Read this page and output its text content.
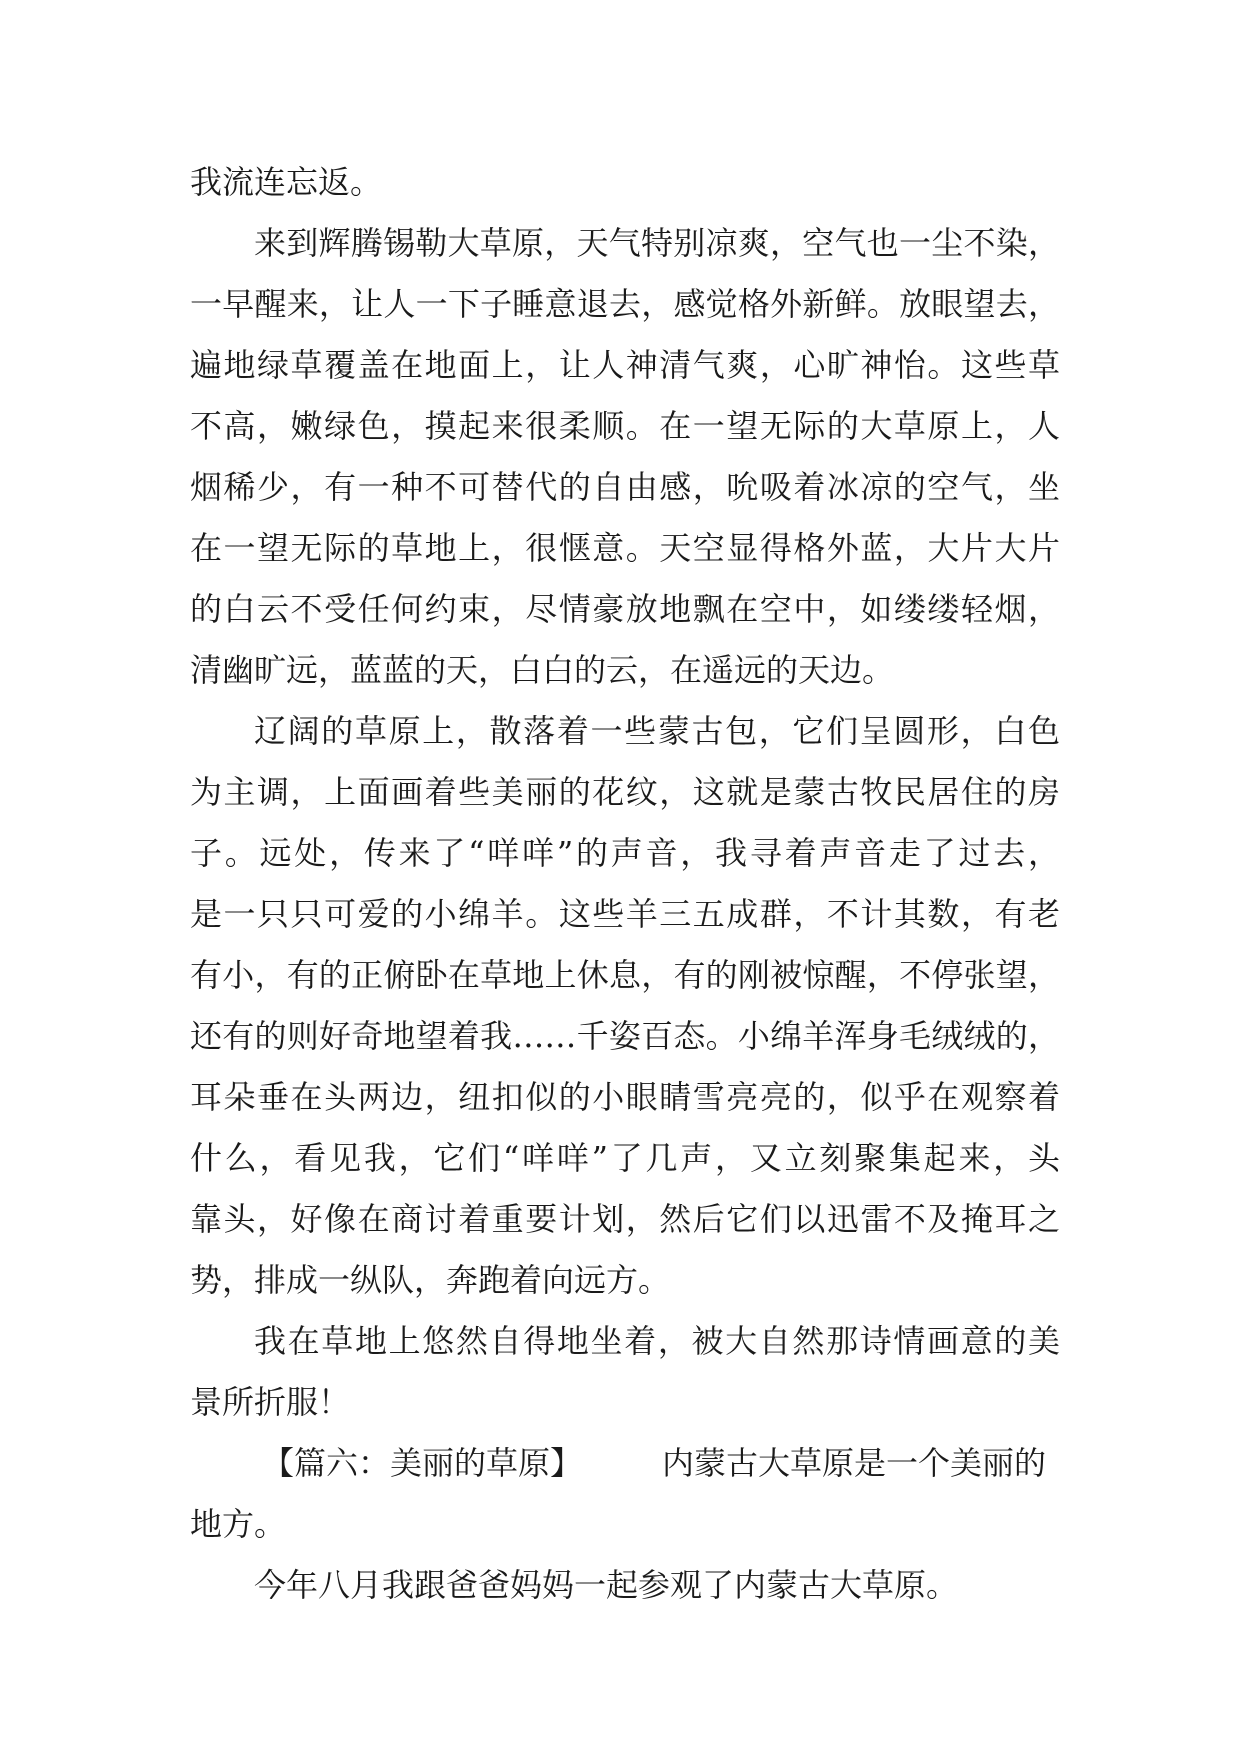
我流连忘返。
来到辉腾锡勒大草原，天气特别凉爽，空气也一尘不染，
一早醒来，让人一下子睡意退去，感觉格外新鲜。放眼望去，
遍地绿草覆盖在地面上，让人神清气爽，心旷神怡。这些草
不高，嫩绿色，摸起来很柔顺。在一望无际的大草原上，人
烟稀少，有一种不可替代的自由感，吮吸着冰凉的空气，坐
在一望无际的草地上，很惬意。天空显得格外蓝，大片大片
的白云不受任何约束，尽情豪放地飘在空中，如缕缕轻烟，
清幽旷远，蓝蓝的天，白白的云，在遥远的天边。
辽阔的草原上，散落着一些蒙古包，它们呈圆形，白色
为主调，上面画着些美丽的花纹，这就是蒙古牧民居住的房
子。远处，传来了“咩咩”的声音，我寻着声音走了过去，
是一只只可爱的小绵羊。这些羊三五成群，不计其数，有老
有小，有的正俯卧在草地上休息，有的刚被惊醒，不停张望，
还有的则好奇地望着我……千姿百态。小绵羊浑身毛绒绒的，
耳朵垂在头两边，纽扣似的小眼睛雪亮亮的，似乎在观察着
什么，看见我，它们“咩咩”了几声，又立刻聚集起来，头
靠头，好像在商讨着重要计划，然后它们以迅雷不及掩耳之
势，排成一纵队，奔跑着向远方。
我在草地上悠然自得地坐着，被大自然那诗情画意的美
景所折服！
【篇六：美丽的草原】	内蒙古大草原是一个美丽的
地方。
今年八月我跟爸爸妈妈一起参观了内蒙古大草原。
